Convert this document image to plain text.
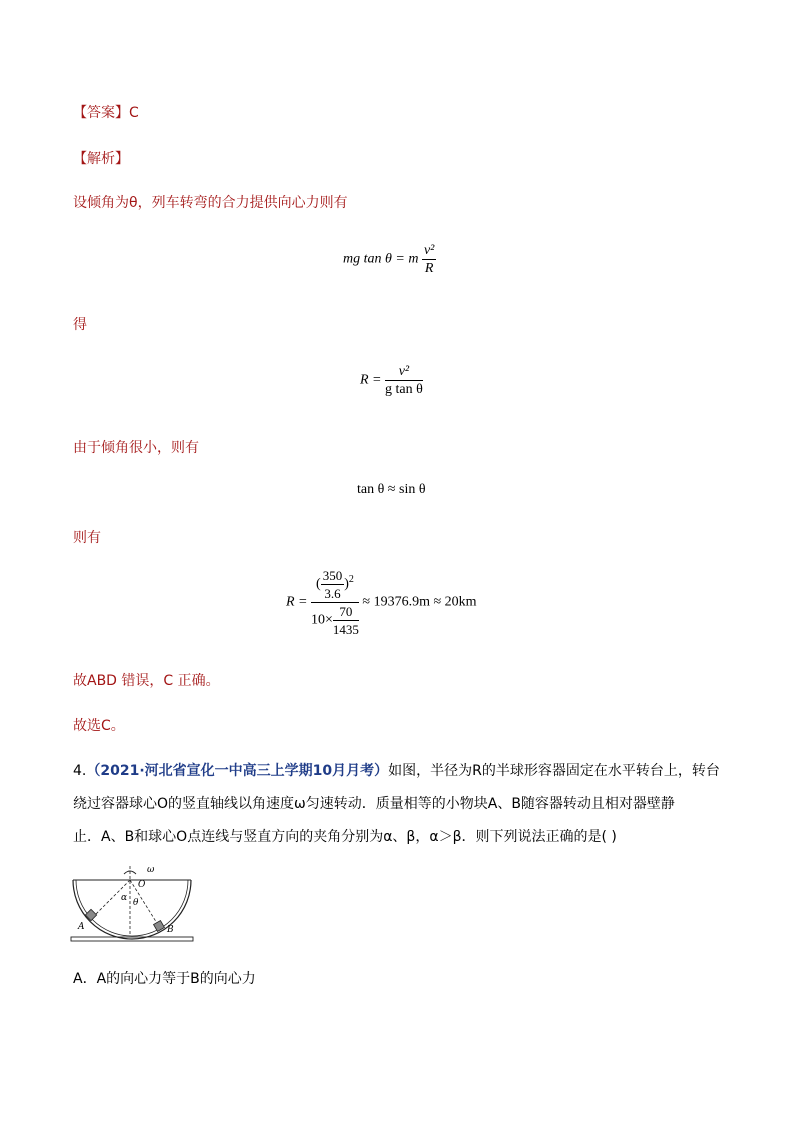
【答案】C
【解析】
设倾角为θ，列车转弯的合力提供向心力则有
mg tan θ = m $\frac{\text{v²}}{R}$
得
$R = \frac{\text{v²}}{\text{g tan θ}}$
由于倾角很小，则有
tan θ ≈ sin θ
则有
$R = \frac{( \frac{350}{3.6} )^2}{10\times \frac{70}{1435}} \approx 19376.9m \approx 20km$
故ABD 错误，C 正确。
故选C。
4.（2021·河北省宣化一中高三上学期10月月考）如图，半径为R的半球形容器固定在水平转台上，转台
绕过容器球心O的竖直轴线以角速度ω匀速转动．质量相等的小物块A、B随容器转动且相对器壁静
止．A、B和球心O点连线与竖直方向的夹角分别为α、β，α＞β．则下列说法正确的是( )
ω
O
α θ
A	B
A．A的向心力等于B的向心力
